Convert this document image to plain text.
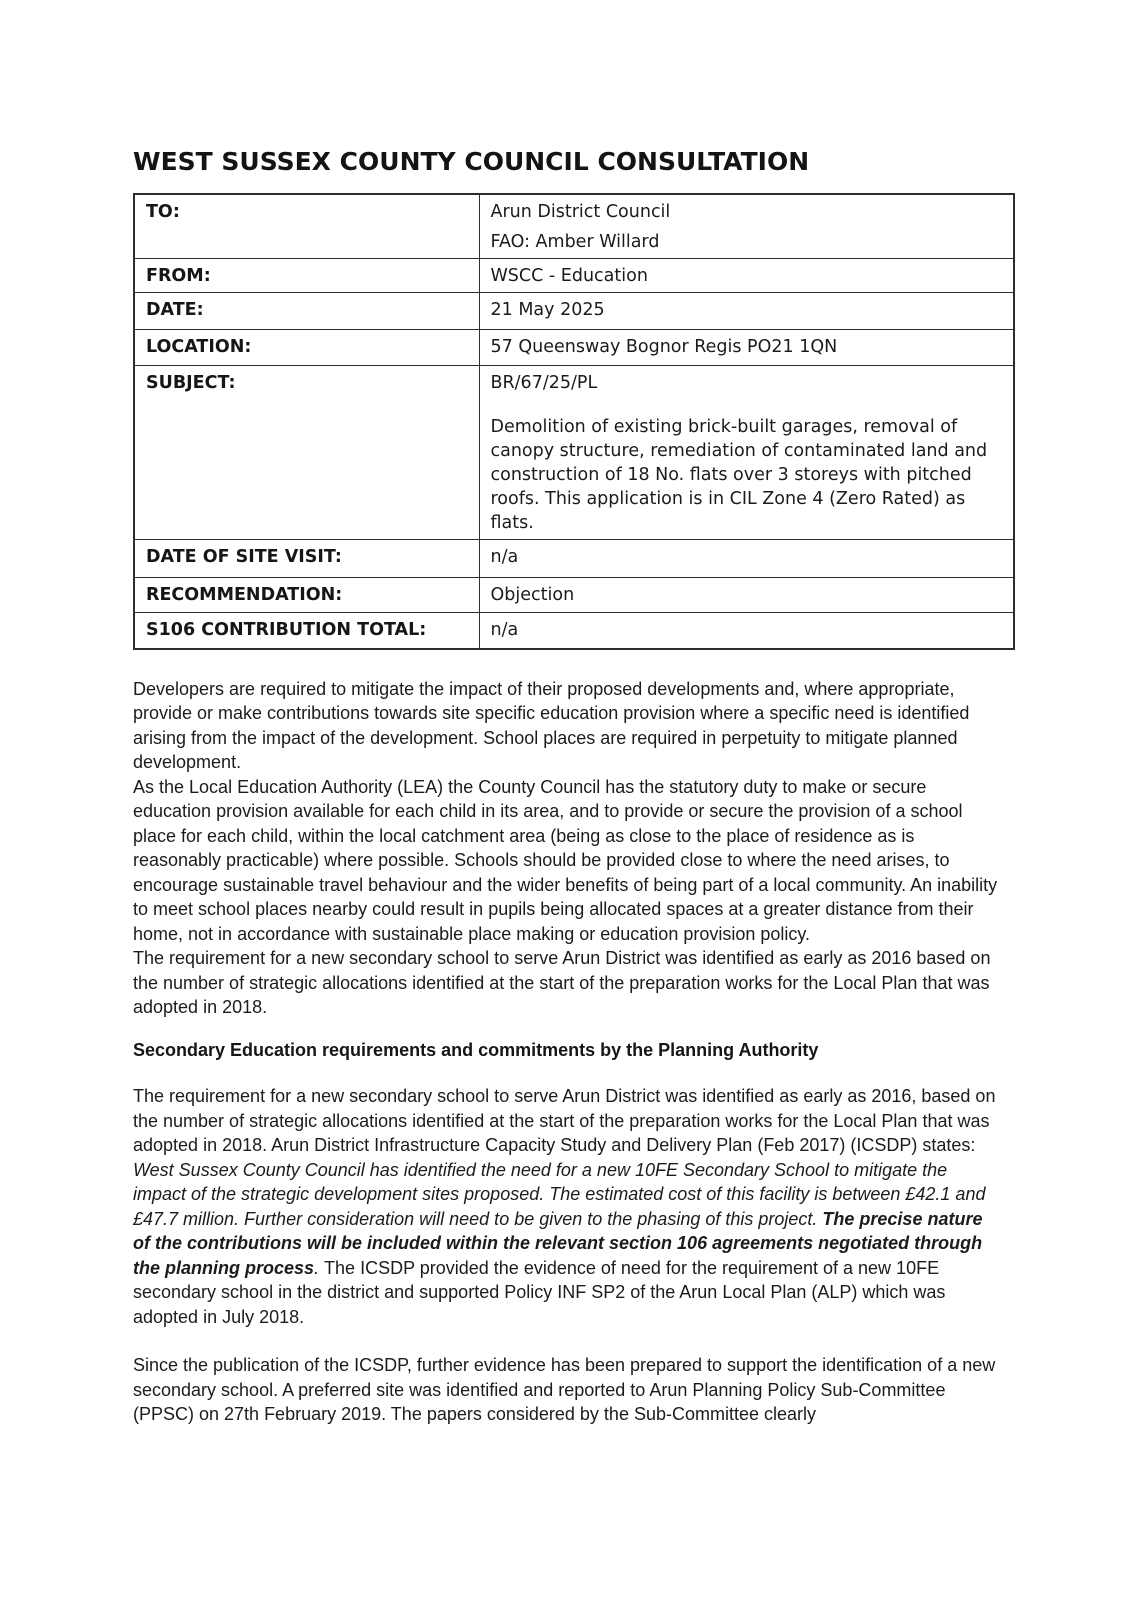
WEST SUSSEX COUNTY COUNCIL CONSULTATION
TO:	Arun District Council

FAO: Amber Willard

FROM:	WSCC - Education

DATE:	21 May 2025

LOCATION:	57 Queensway Bognor Regis PO21 1QN

SUBJECT:	BR/67/25/PL

Demolition of existing brick-built garages, removal of canopy structure, remediation of contaminated land and construction of 18 No. flats over 3 storeys with pitched roofs. This application is in CIL Zone 4 (Zero Rated) as flats.

DATE OF SITE VISIT:	n/a

RECOMMENDATION:	Objection

S106 CONTRIBUTION TOTAL:	n/a

Developers are required to mitigate the impact of their proposed developments and, where appropriate, provide or make contributions towards site specific education provision where a specific need is identified arising from the impact of the development. School places are required in perpetuity to mitigate planned development.

As the Local Education Authority (LEA) the County Council has the statutory duty to make or secure education provision available for each child in its area, and to provide or secure the provision of a school place for each child, within the local catchment area (being as close to the place of residence as is reasonably practicable) where possible. Schools should be provided close to where the need arises, to encourage sustainable travel behaviour and the wider benefits of being part of a local community. An inability to meet school places nearby could result in pupils being allocated spaces at a greater distance from their home, not in accordance with sustainable place making or education provision policy.

The requirement for a new secondary school to serve Arun District was identified as early as 2016 based on the number of strategic allocations identified at the start of the preparation works for the Local Plan that was adopted in 2018.

Secondary Education requirements and commitments by the Planning Authority

The requirement for a new secondary school to serve Arun District was identified as early as 2016, based on the number of strategic allocations identified at the start of the preparation works for the Local Plan that was adopted in 2018. Arun District Infrastructure Capacity Study and Delivery Plan (Feb 2017) (ICSDP) states: West Sussex County Council has identified the need for a new 10FE Secondary School to mitigate the impact of the strategic development sites proposed. The estimated cost of this facility is between £42.1 and £47.7 million. Further consideration will need to be given to the phasing of this project. The precise nature of the contributions will be included within the relevant section 106 agreements negotiated through the planning process. The ICSDP provided the evidence of need for the requirement of a new 10FE secondary school in the district and supported Policy INF SP2 of the Arun Local Plan (ALP) which was adopted in July 2018.

Since the publication of the ICSDP, further evidence has been prepared to support the identification of a new secondary school. A preferred site was identified and reported to Arun Planning Policy Sub-Committee (PPSC) on 27th February 2019. The papers considered by the Sub-Committee clearly
